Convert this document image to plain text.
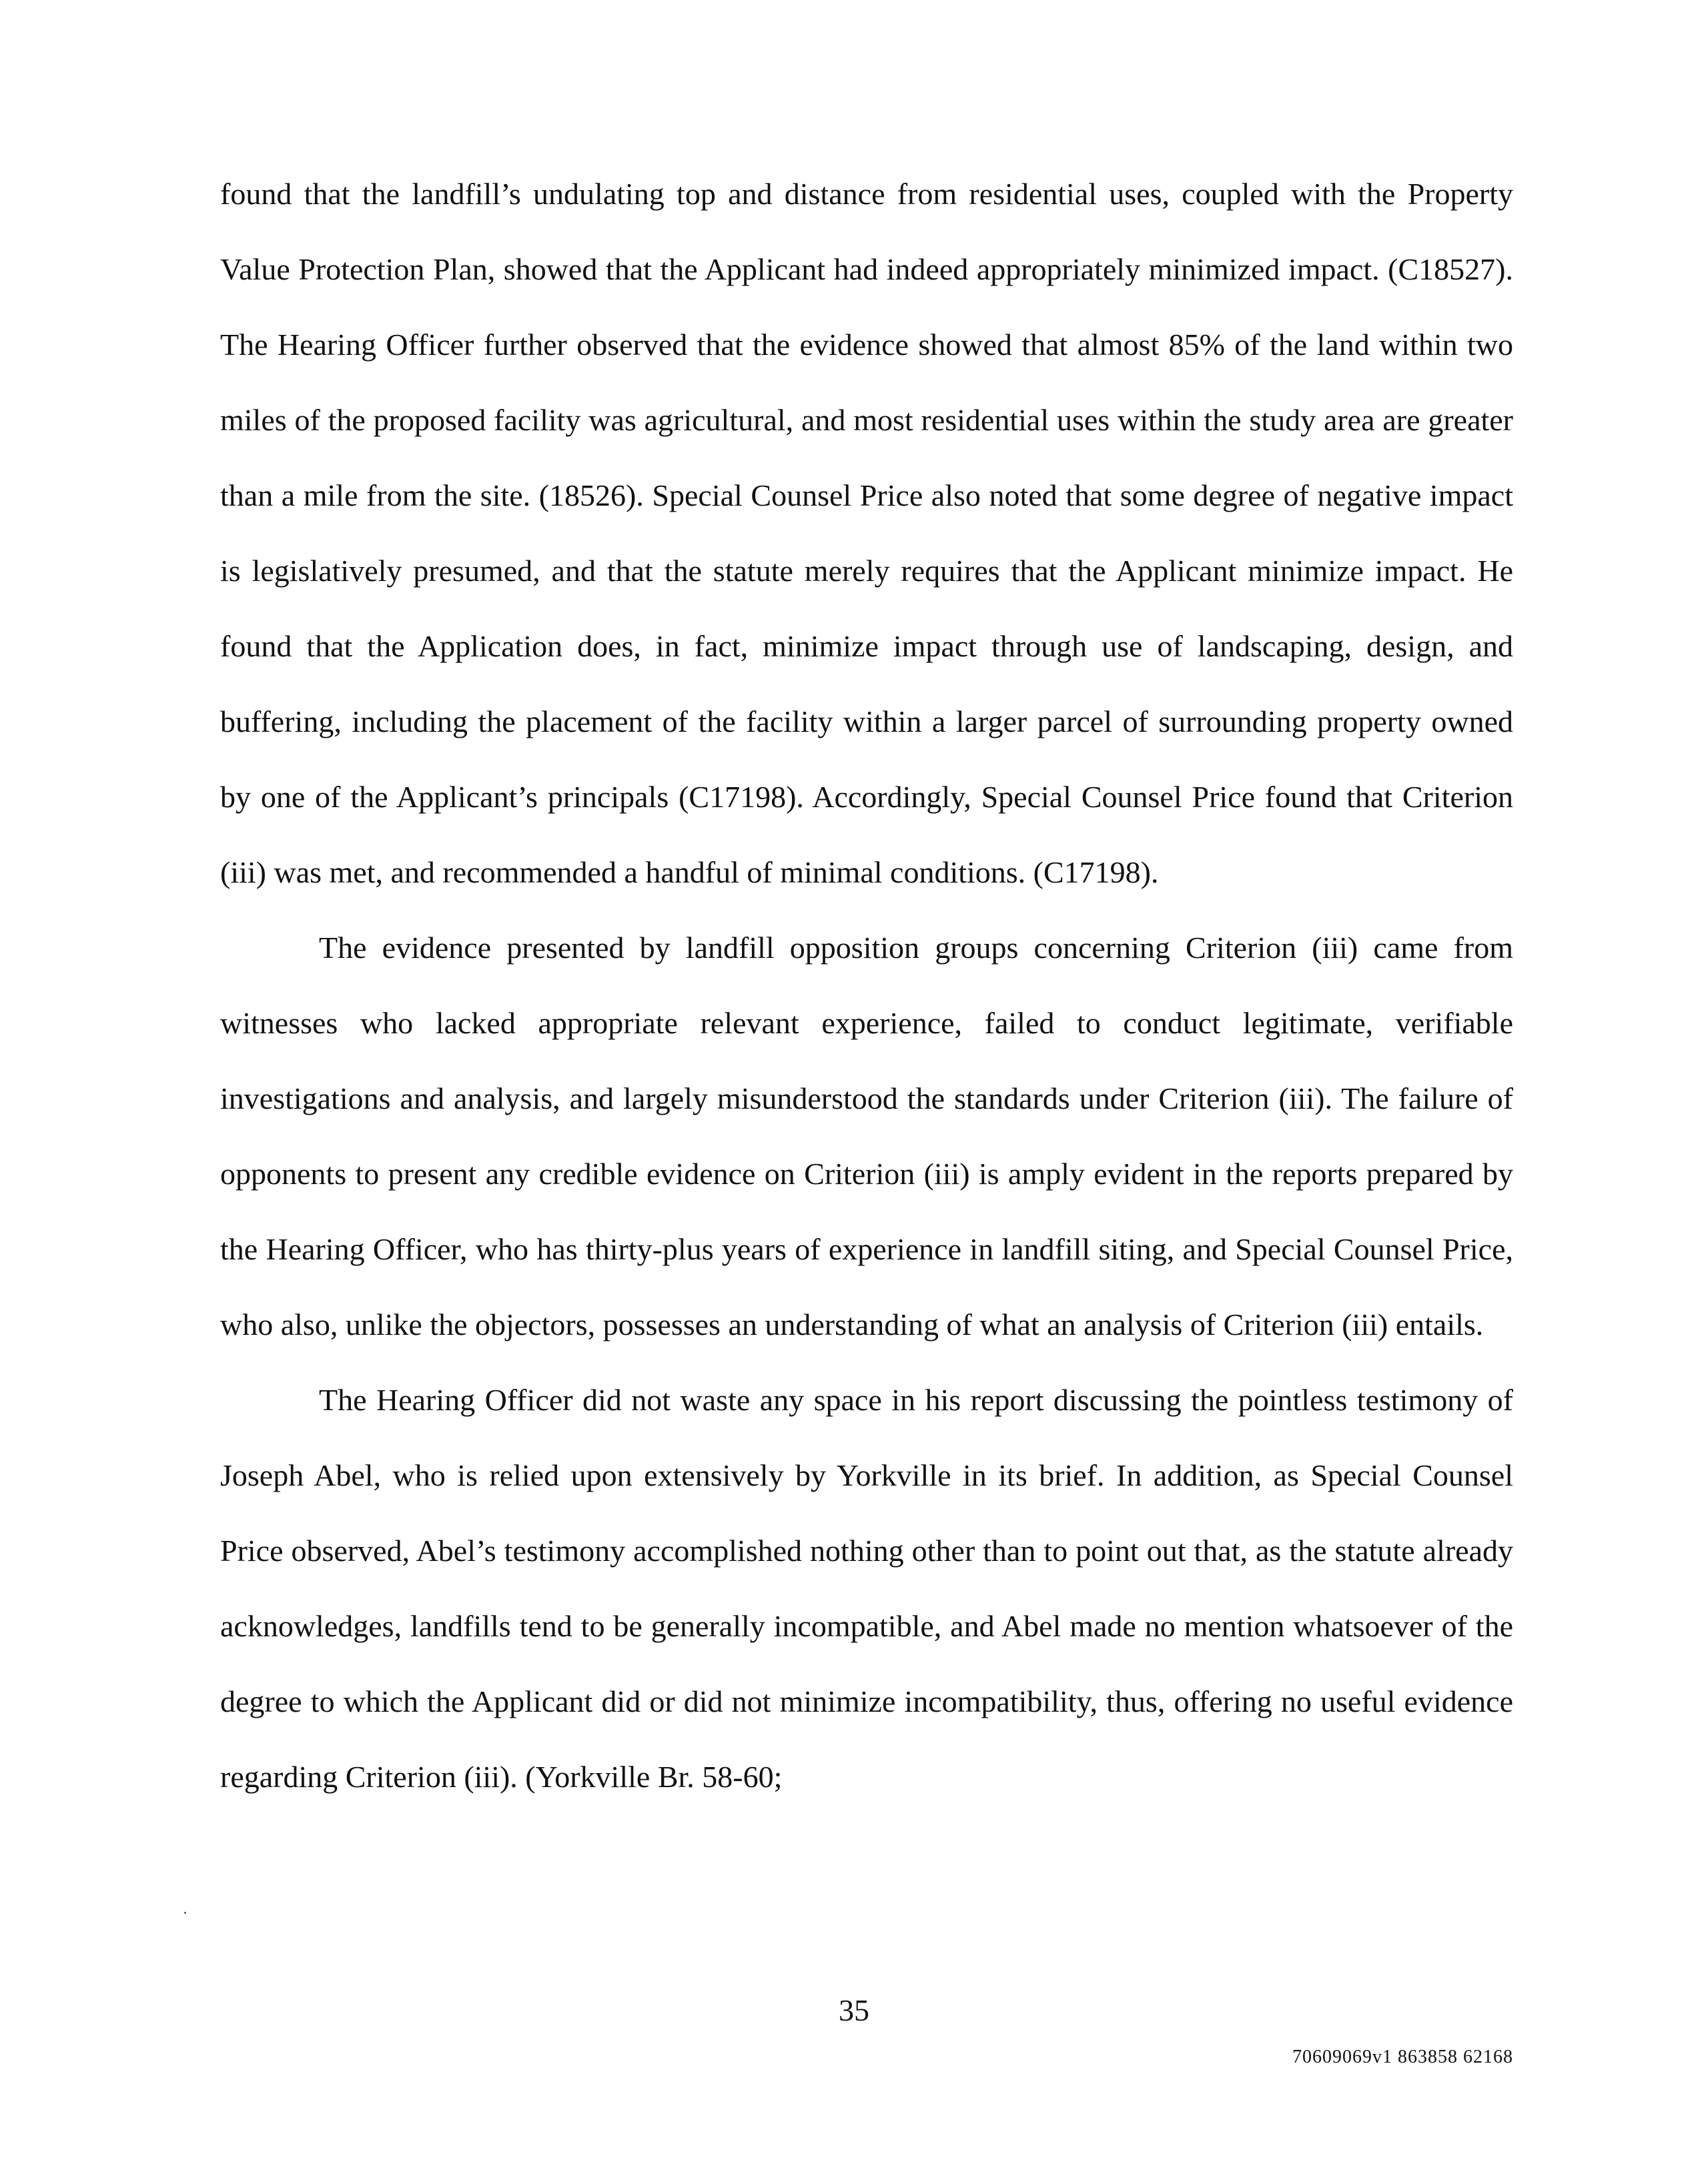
found that the landfill’s undulating top and distance from residential uses, coupled with the Property Value Protection Plan, showed that the Applicant had indeed appropriately minimized impact. (C18527). The Hearing Officer further observed that the evidence showed that almost 85% of the land within two miles of the proposed facility was agricultural, and most residential uses within the study area are greater than a mile from the site. (18526). Special Counsel Price also noted that some degree of negative impact is legislatively presumed, and that the statute merely requires that the Applicant minimize impact. He found that the Application does, in fact, minimize impact through use of landscaping, design, and buffering, including the placement of the facility within a larger parcel of surrounding property owned by one of the Applicant’s principals (C17198). Accordingly, Special Counsel Price found that Criterion (iii) was met, and recommended a handful of minimal conditions. (C17198).

The evidence presented by landfill opposition groups concerning Criterion (iii) came from witnesses who lacked appropriate relevant experience, failed to conduct legitimate, verifiable investigations and analysis, and largely misunderstood the standards under Criterion (iii). The failure of opponents to present any credible evidence on Criterion (iii) is amply evident in the reports prepared by the Hearing Officer, who has thirty-plus years of experience in landfill siting, and Special Counsel Price, who also, unlike the objectors, possesses an understanding of what an analysis of Criterion (iii) entails.

The Hearing Officer did not waste any space in his report discussing the pointless testimony of Joseph Abel, who is relied upon extensively by Yorkville in its brief. In addition, as Special Counsel Price observed, Abel’s testimony accomplished nothing other than to point out that, as the statute already acknowledges, landfills tend to be generally incompatible, and Abel made no mention whatsoever of the degree to which the Applicant did or did not minimize incompatibility, thus, offering no useful evidence regarding Criterion (iii). (Yorkville Br. 58-60;

35
70609069v1 863858 62168
